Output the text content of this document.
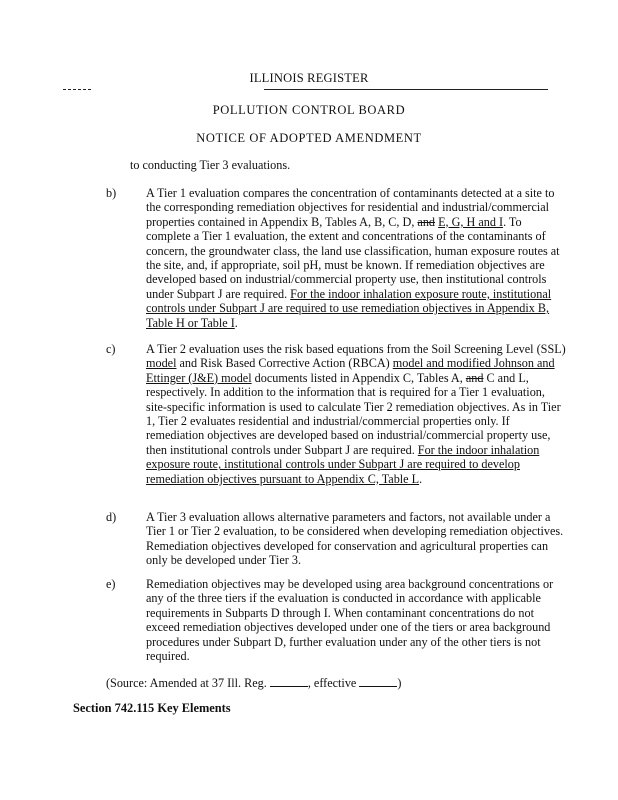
ILLINOIS REGISTER
POLLUTION CONTROL BOARD
NOTICE OF ADOPTED AMENDMENT
to conducting Tier 3 evaluations.
b) A Tier 1 evaluation compares the concentration of contaminants detected at a site to the corresponding remediation objectives for residential and industrial/commercial properties contained in Appendix B, Tables A, B, C, D, and E, G, H and I. To complete a Tier 1 evaluation, the extent and concentrations of the contaminants of concern, the groundwater class, the land use classification, human exposure routes at the site, and, if appropriate, soil pH, must be known. If remediation objectives are developed based on industrial/commercial property use, then institutional controls under Subpart J are required. For the indoor inhalation exposure route, institutional controls under Subpart J are required to use remediation objectives in Appendix B, Table H or Table I.
c)	A Tier 2 evaluation uses the risk based equations from the Soil Screening Level (SSL) model and Risk Based Corrective Action (RBCA) model and modified Johnson and Ettinger (J&E) model documents listed in Appendix C, Tables A, and C and L, respectively. In addition to the information that is required for a Tier 1 evaluation, site-specific information is used to calculate Tier 2 remediation objectives. As in Tier 1, Tier 2 evaluates residential and industrial/commercial properties only. If remediation objectives are developed based on industrial/commercial property use, then institutional controls under Subpart J are required. For the indoor inhalation exposure route, institutional controls under Subpart J are required to develop remediation objectives pursuant to Appendix C, Table L.
d) A Tier 3 evaluation allows alternative parameters and factors, not available under a Tier 1 or Tier 2 evaluation, to be considered when developing remediation objectives. Remediation objectives developed for conservation and agricultural properties can only be developed under Tier 3.
e)	Remediation objectives may be developed using area background concentrations or any of the three tiers if the evaluation is conducted in accordance with applicable requirements in Subparts D through I. When contaminant concentrations do not exceed remediation objectives developed under one of the tiers or area background procedures under Subpart D, further evaluation under any of the other tiers is not required.
(Source: Amended at 37 Ill. Reg.	, effective	)
Section 742.115 Key Elements
